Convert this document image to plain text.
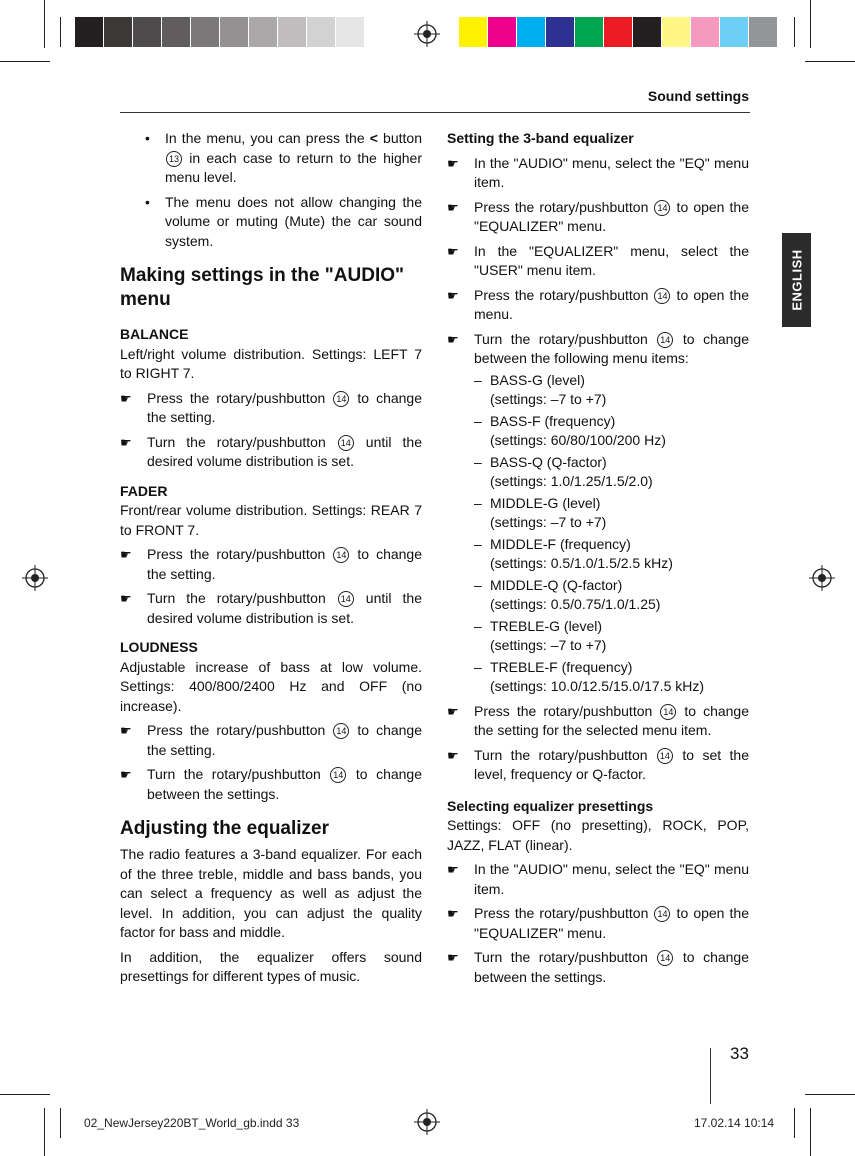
Sound settings
ENGLISH

• In the menu, you can press the < button 13 in each case to return to the higher menu level.

• The menu does not allow changing the volume or muting (Mute) the car sound system.

Making settings in the "AUDIO" menu

BALANCE

Left/right volume distribution. Settings: LEFT 7 to RIGHT 7.

☛ Press the rotary/pushbutton 14 to change the setting.

☛ Turn the rotary/pushbutton 14 until the desired volume distribution is set.

FADER

Front/rear volume distribution. Settings: REAR 7 to FRONT 7.

☛ Press the rotary/pushbutton 14 to change the setting.

☛ Turn the rotary/pushbutton 14 until the desired volume distribution is set.

LOUDNESS

Adjustable increase of bass at low volume. Settings: 400/800/2400 Hz and OFF (no increase).

☛ Press the rotary/pushbutton 14 to change the setting.

☛ Turn the rotary/pushbutton 14 to change between the settings.

Adjusting the equalizer

The radio features a 3-band equalizer. For each of the three treble, middle and bass bands, you can select a frequency as well as adjust the level. In addition, you can adjust the quality factor for bass and middle.

In addition, the equalizer offers sound presettings for different types of music.

Setting the 3-band equalizer

☛ In the "AUDIO" menu, select the "EQ" menu item.

☛ Press the rotary/pushbutton 14 to open the "EQUALIZER" menu.

☛ In the "EQUALIZER" menu, select the "USER" menu item.

☛ Press the rotary/pushbutton 14 to open the menu.

☛ Turn the rotary/pushbutton 14 to change between the following menu items:

– BASS-G (level)
(settings: –7 to +7)

– BASS-F (frequency)
(settings: 60/80/100/200 Hz)

– BASS-Q (Q-factor)
(settings: 1.0/1.25/1.5/2.0)

– MIDDLE-G (level)
(settings: –7 to +7)

– MIDDLE-F (frequency)
(settings: 0.5/1.0/1.5/2.5 kHz)

– MIDDLE-Q (Q-factor)
(settings: 0.5/0.75/1.0/1.25)

– TREBLE-G (level)
(settings: –7 to +7)

– TREBLE-F (frequency)
(settings: 10.0/12.5/15.0/17.5 kHz)

☛ Press the rotary/pushbutton 14 to change the setting for the selected menu item.

☛ Turn the rotary/pushbutton 14 to set the level, frequency or Q-factor.

Selecting equalizer presettings

Settings: OFF (no presetting), ROCK, POP, JAZZ, FLAT (linear).

☛ In the "AUDIO" menu, select the "EQ" menu item.

☛ Press the rotary/pushbutton 14 to open the "EQUALIZER" menu.

☛ Turn the rotary/pushbutton 14 to change between the settings.

33
02_NewJersey220BT_World_gb.indd 33	17.02.14 10:14
